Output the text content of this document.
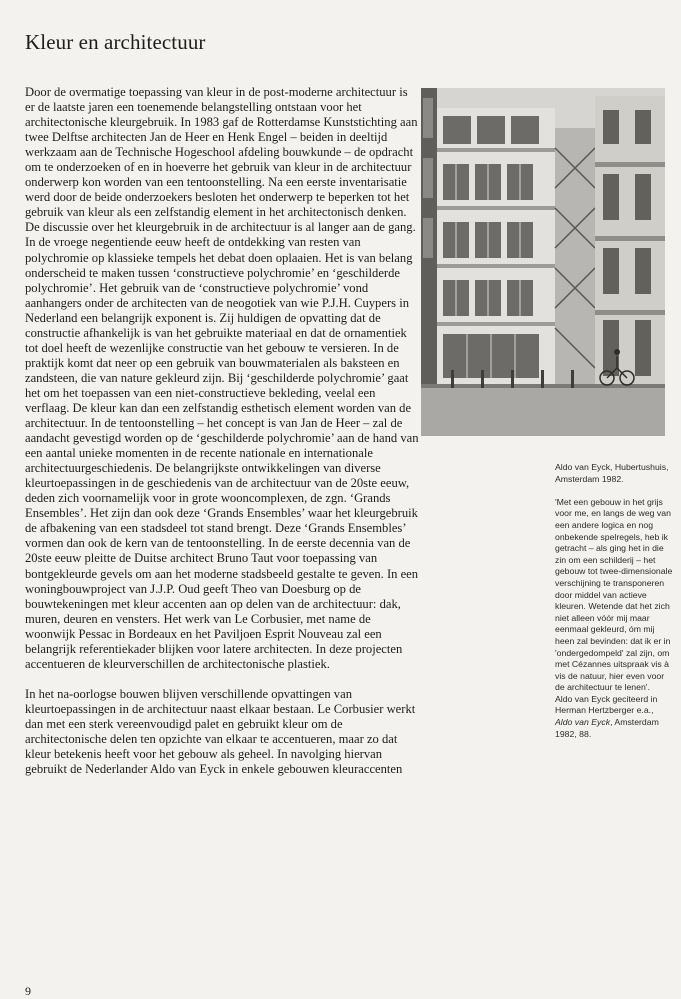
Kleur en architectuur

Door de overmatige toepassing van kleur in de post-moderne architectuur is er de laatste jaren een toenemende belangstelling ontstaan voor het architectonische kleurgebruik. In 1983 gaf de Rotterdamse Kunststichting aan twee Delftse architecten Jan de Heer en Henk Engel – beiden in deeltijd werkzaam aan de Technische Hogeschool afdeling bouwkunde – de opdracht om te onderzoeken of en in hoeverre het gebruik van kleur in de architectuur onderwerp kon worden van een tentoonstelling. Na een eerste inventarisatie werd door de beide onderzoekers besloten het onderwerp te beperken tot het gebruik van kleur als een zelfstandig element in het architectonisch denken. De discussie over het kleurgebruik in de architectuur is al langer aan de gang. In de vroege negentiende eeuw heeft de ontdekking van resten van polychromie op klassieke tempels het debat doen oplaaien. Het is van belang onderscheid te maken tussen ‘constructieve polychromie’ en ‘geschilderde polychromie’. Het gebruik van de ‘constructieve polychromie’ vond aanhangers onder de architecten van de neogotiek van wie P.J.H. Cuypers in Nederland een belangrijk exponent is. Zij huldigen de opvatting dat de constructie afhankelijk is van het gebruikte materiaal en dat de ornamentiek tot doel heeft de wezenlijke constructie van het gebouw te versieren. In de praktijk komt dat neer op een gebruik van bouwmaterialen als baksteen en zandsteen, die van nature gekleurd zijn. Bij ‘geschilderde polychromie’ gaat het om het toepassen van een niet-constructieve bekleding, veelal een verflaag. De kleur kan dan een zelfstandig esthetisch element worden van de architectuur. In de tentoonstelling – het concept is van Jan de Heer – zal de aandacht gevestigd worden op de ‘geschilderde polychromie’ aan de hand van een aantal unieke momenten in de recente nationale en internationale architectuurgeschiedenis. De belangrijkste ontwikkelingen van diverse kleurtoepassingen in de geschiedenis van de architectuur van de 20ste eeuw, deden zich voornamelijk voor in grote wooncomplexen, de zgn. ‘Grands Ensembles’. Het zijn dan ook deze ‘Grands Ensembles’ waar het kleurgebruik de afbakening van een stadsdeel tot stand brengt. Deze ‘Grands Ensembles’ vormen dan ook de kern van de tentoonstelling. In de eerste decennia van de 20ste eeuw pleitte de Duitse architect Bruno Taut voor toepassing van bontgekleurde gevels om aan het moderne stadsbeeld gestalte te geven. In een woningbouwproject van J.J.P. Oud geeft Theo van Doesburg op de bouwtekeningen met kleur accenten aan op delen van de architectuur: dak, muren, deuren en vensters. Het werk van Le Corbusier, met name de woonwijk Pessac in Bordeaux en het Paviljoen Esprit Nouveau zal een belangrijk referentiekader blijken voor latere architecten. In deze projecten accentueren de kleurverschillen de architectonische plastiek.

In het na-oorlogse bouwen blijven verschillende opvattingen van kleurtoepassingen in de architectuur naast elkaar bestaan. Le Corbusier werkt dan met een sterk vereenvoudigd palet en gebruikt kleur om de architectonische delen ten opzichte van elkaar te accentueren, maar zo dat kleur betekenis heeft voor het gebouw als geheel. In navolging hiervan gebruikt de Nederlander Aldo van Eyck in enkele gebouwen kleuraccenten

Aldo van Eyck, Hubertushuis, Amsterdam 1982.

'Met een gebouw in het grijs voor me, en langs de weg van een andere logica en nog onbekende spelregels, heb ik getracht – als ging het in die zin om een schilderij – het gebouw tot twee-dimensionale verschijning te transponeren door middel van actieve kleuren. Wetende dat het zich niet alleen vóór mij maar eenmaal gekleurd, óm mij heen zal bevinden: dat ik er in 'ondergedompeld' zal zijn, om met Cézannes uitspraak vis à vis de natuur, hier even voor de architectuur te lenen'.

Aldo van Eyck geciteerd in Herman Hertzberger e.a., Aldo van Eyck, Amsterdam 1982, 88.

9
